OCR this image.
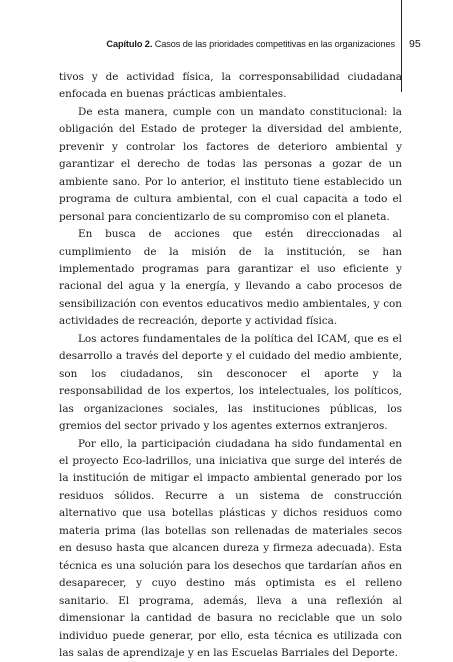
Capítulo 2. Casos de las prioridades competitivas en las organizaciones 95

tivos y de actividad física, la corresponsabilidad ciudadana enfocada en buenas prácticas ambientales.

De esta manera, cumple con un mandato constitucional: la obligación del Estado de proteger la diversidad del ambiente, prevenir y controlar los factores de deterioro ambiental y garantizar el derecho de todas las personas a gozar de un ambiente sano. Por lo anterior, el instituto tiene establecido un programa de cultura ambiental, con el cual capacita a todo el personal para concientizarlo de su compromiso con el planeta.

En busca de acciones que estén direccionadas al cumplimiento de la misión de la institución, se han implementado programas para garantizar el uso eficiente y racional del agua y la energía, y llevando a cabo procesos de sensibilización con eventos educativos medio ambientales, y con actividades de recreación, deporte y actividad física.

Los actores fundamentales de la política del ICAM, que es el desarrollo a través del deporte y el cuidado del medio ambiente, son los ciudadanos, sin desconocer el aporte y la responsabilidad de los expertos, los intelectuales, los políticos, las organizaciones sociales, las instituciones públicas, los gremios del sector privado y los agentes externos extranjeros.

Por ello, la participación ciudadana ha sido fundamental en el proyecto Eco-ladrillos, una iniciativa que surge del interés de la institución de mitigar el impacto ambiental generado por los residuos sólidos. Recurre a un sistema de construcción alternativo que usa botellas plásticas y dichos residuos como materia prima (las botellas son rellenadas de materiales secos en desuso hasta que alcancen dureza y firmeza adecuada). Esta técnica es una solución para los desechos que tardarían años en desaparecer, y cuyo destino más optimista es el relleno sanitario. El programa, además, lleva a una reflexión al dimensionar la cantidad de basura no reciclable que un solo individuo puede generar, por ello, esta técnica es utilizada con las salas de aprendizaje y en las Escuelas Barriales del Deporte.
